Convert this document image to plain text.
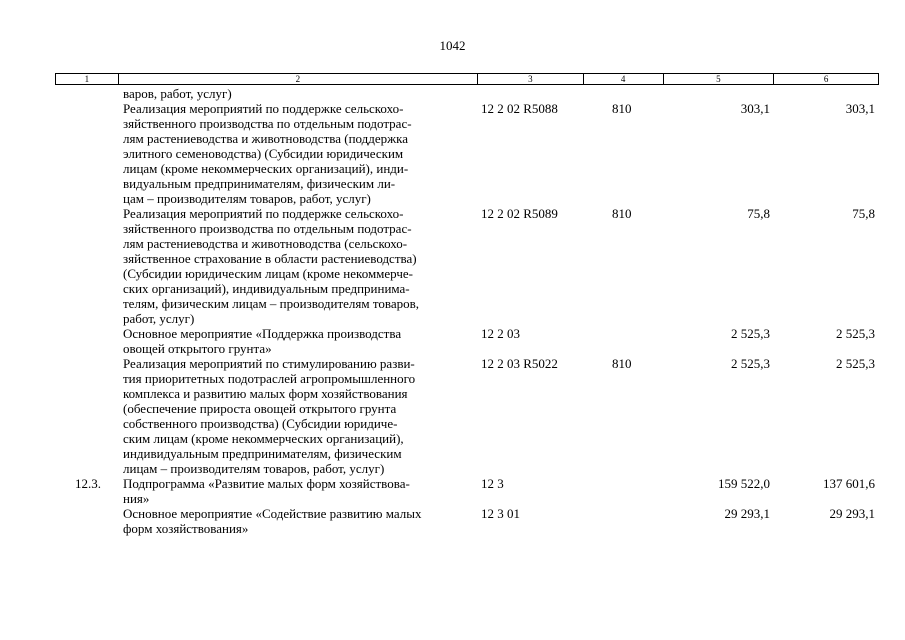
1042
1	2	3	4	5	6
варов, работ, услуг)
Реализация мероприятий по поддержке сельскохо-
зяйственного производства по отдельным подотрас-
лям растениеводства и животноводства (поддержка
элитного семеноводства) (Субсидии юридическим
лицам (кроме некоммерческих организаций), инди-
видуальным предпринимателям, физическим ли-
цам – производителям товаров, работ, услуг)
12 2 02 R5088	810	303,1	303,1
Реализация мероприятий по поддержке сельскохо-
зяйственного производства по отдельным подотрас-
лям растениеводства и животноводства (сельскохо-
зяйственное страхование в области растениеводства)
(Субсидии юридическим лицам (кроме некоммерче-
ских организаций), индивидуальным предпринима-
телям, физическим лицам – производителям товаров,
работ, услуг)
12 2 02 R5089	810	75,8	75,8
Основное мероприятие «Поддержка производства
овощей открытого грунта»
12 2 03	2 525,3	2 525,3
Реализация мероприятий по стимулированию разви-
тия приоритетных подотраслей агропромышленного
комплекса и развитию малых форм хозяйствования
(обеспечение прироста овощей открытого грунта
собственного производства) (Субсидии юридиче-
ским лицам (кроме некоммерческих организаций),
индивидуальным предпринимателям, физическим
лицам – производителям товаров, работ, услуг)
12 2 03 R5022	810	2 525,3	2 525,3
12.3.	Подпрограмма «Развитие малых форм хозяйствова-
ния»
12 3	159 522,0	137 601,6
Основное мероприятие «Содействие развитию малых
форм хозяйствования»
12 3 01	29 293,1	29 293,1
